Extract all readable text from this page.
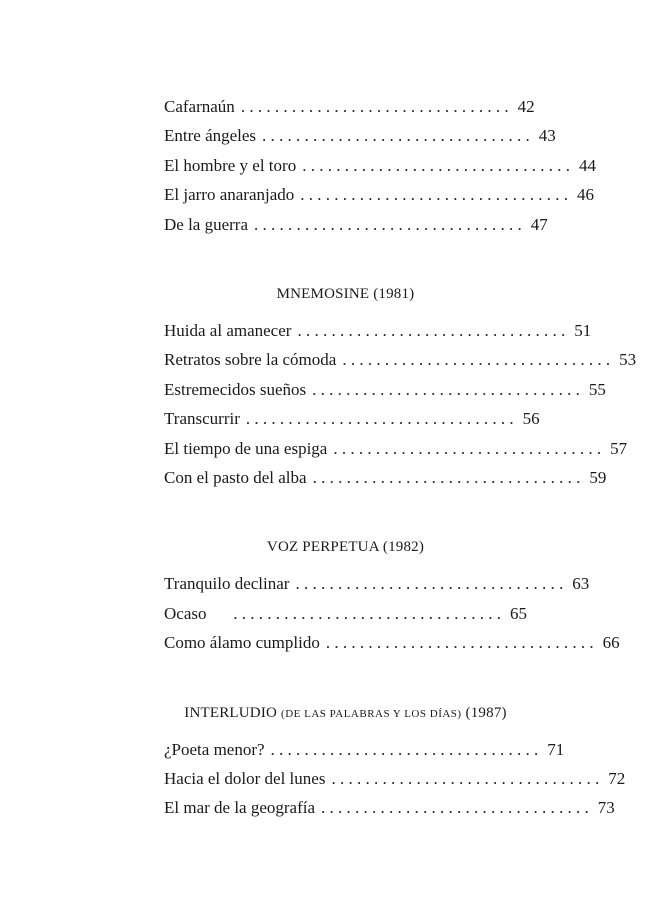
Cafarnaún . . . . . . . . . . . . . . . . . . . . . . . . . . . . . . . . 42
Entre ángeles . . . . . . . . . . . . . . . . . . . . . . . . . . . . . . . . 43
El hombre y el toro . . . . . . . . . . . . . . . . . . . . . . . . . . . . . . . . 44
El jarro anaranjado . . . . . . . . . . . . . . . . . . . . . . . . . . . . . . . . 46
De la guerra . . . . . . . . . . . . . . . . . . . . . . . . . . . . . . . . 47
MNEMOSINE (1981)
Huida al amanecer . . . . . . . . . . . . . . . . . . . . . . . . . . . . . . . . 51
Retratos sobre la cómoda . . . . . . . . . . . . . . . . . . . . . . . . . . . . . . . . 53
Estremecidos sueños . . . . . . . . . . . . . . . . . . . . . . . . . . . . . . . . 55
Transcurrir . . . . . . . . . . . . . . . . . . . . . . . . . . . . . . . . 56
El tiempo de una espiga . . . . . . . . . . . . . . . . . . . . . . . . . . . . . . . . 57
Con el pasto del alba . . . . . . . . . . . . . . . . . . . . . . . . . . . . . . . . 59
VOZ PERPETUA (1982)
Tranquilo declinar . . . . . . . . . . . . . . . . . . . . . . . . . . . . . . . . 63
Ocaso	. . . . . . . . . . . . . . . . . . . . . . . . . . . . . . . . 65
Como álamo cumplido . . . . . . . . . . . . . . . . . . . . . . . . . . . . . . . . 66
INTERLUDIO (DE LAS PALABRAS Y LOS DÍAS) (1987)
¿Poeta menor? . . . . . . . . . . . . . . . . . . . . . . . . . . . . . . . . 71
Hacia el dolor del lunes . . . . . . . . . . . . . . . . . . . . . . . . . . . . . . . . 72
El mar de la geografía . . . . . . . . . . . . . . . . . . . . . . . . . . . . . . . . 73
